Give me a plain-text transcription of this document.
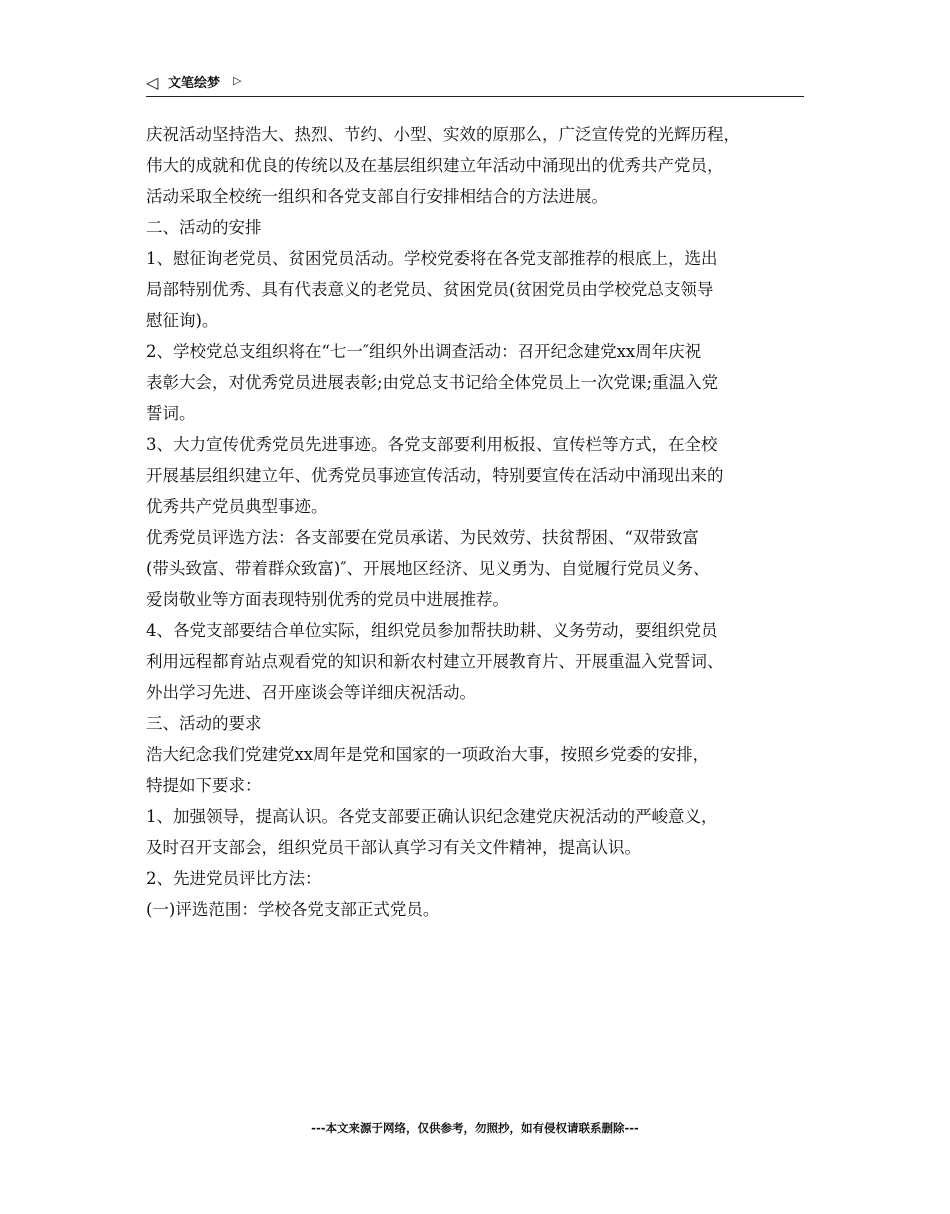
◁ 文笔绘梦 ▷
庆祝活动坚持浩大、热烈、节约、小型、实效的原那么，广泛宣传党的光辉历程，
伟大的成就和优良的传统以及在基层组织建立年活动中涌现出的优秀共产党员，
活动采取全校统一组织和各党支部自行安排相结合的方法进展。
二、活动的安排
1、慰征询老党员、贫困党员活动。学校党委将在各党支部推荐的根底上，选出
局部特别优秀、具有代表意义的老党员、贫困党员(贫困党员由学校党总支领导
慰征询)。
2、学校党总支组织将在“七一″组织外出调查活动：召开纪念建党xx周年庆祝
表彰大会，对优秀党员进展表彰;由党总支书记给全体党员上一次党课;重温入党
誓词。
3、大力宣传优秀党员先进事迹。各党支部要利用板报、宣传栏等方式，在全校
开展基层组织建立年、优秀党员事迹宣传活动，特别要宣传在活动中涌现出来的
优秀共产党员典型事迹。
优秀党员评选方法：各支部要在党员承诺、为民效劳、扶贫帮困、“双带致富
(带头致富、带着群众致富)″、开展地区经济、见义勇为、自觉履行党员义务、
爱岗敬业等方面表现特别优秀的党员中进展推荐。
4、各党支部要结合单位实际，组织党员参加帮扶助耕、义务劳动，要组织党员
利用远程都育站点观看党的知识和新农村建立开展教育片、开展重温入党誓词、
外出学习先进、召开座谈会等详细庆祝活动。
三、活动的要求
浩大纪念我们党建党xx周年是党和国家的一项政治大事，按照乡党委的安排，
特提如下要求：
1、加强领导，提高认识。各党支部要正确认识纪念建党庆祝活动的严峻意义，
及时召开支部会，组织党员干部认真学习有关文件精神，提高认识。
2、先进党员评比方法：
(一)评选范围：学校各党支部正式党员。
---本文来源于网络，仅供参考，勿照抄，如有侵权请联系删除---
